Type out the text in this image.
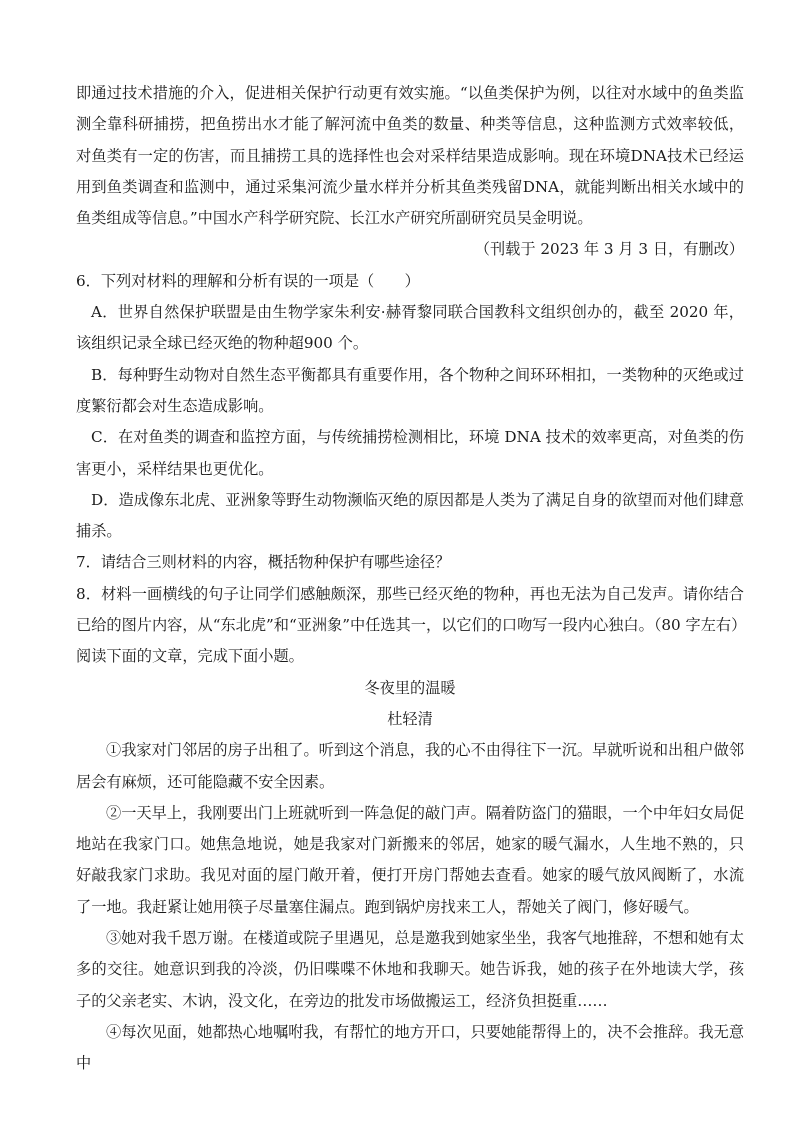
即通过技术措施的介入，促进相关保护行动更有效实施。“以鱼类保护为例，以往对水域中的鱼类监测全靠科研捕捞，把鱼捞出水才能了解河流中鱼类的数量、种类等信息，这种监测方式效率较低，对鱼类有一定的伤害，而且捕捞工具的选择性也会对采样结果造成影响。现在环境DNA技术已经运用到鱼类调查和监测中，通过采集河流少量水样并分析其鱼类残留DNA，就能判断出相关水域中的鱼类组成等信息。”中国水产科学研究院、长江水产研究所副研究员吴金明说。

（刊载于 2023 年 3 月 3 日，有删改）

6．下列对材料的理解和分析有误的一项是（　　）

A．世界自然保护联盟是由生物学家朱利安·赫胥黎同联合国教科文组织创办的，截至 2020 年，该组织记录全球已经灭绝的物种超900 个。

B．每种野生动物对自然生态平衡都具有重要作用，各个物种之间环环相扣，一类物种的灭绝或过度繁衍都会对生态造成影响。

C．在对鱼类的调查和监控方面，与传统捕捞检测相比，环境 DNA 技术的效率更高，对鱼类的伤害更小，采样结果也更优化。

D．造成像东北虎、亚洲象等野生动物濒临灭绝的原因都是人类为了满足自身的欲望而对他们肆意捕杀。

7．请结合三则材料的内容，概括物种保护有哪些途径？

8．材料一画横线的句子让同学们感触颇深，那些已经灭绝的物种，再也无法为自己发声。请你结合已给的图片内容，从“东北虎”和“亚洲象”中任选其一，以它们的口吻写一段内心独白。（80 字左右）

阅读下面的文章，完成下面小题。

冬夜里的温暖

杜轻清

①我家对门邻居的房子出租了。听到这个消息，我的心不由得往下一沉。早就听说和出租户做邻居会有麻烦，还可能隐藏不安全因素。

②一天早上，我刚要出门上班就听到一阵急促的敲门声。隔着防盗门的猫眼，一个中年妇女局促地站在我家门口。她焦急地说，她是我家对门新搬来的邻居，她家的暖气漏水，人生地不熟的，只好敲我家门求助。我见对面的屋门敞开着，便打开房门帮她去查看。她家的暖气放风阀断了，水流了一地。我赶紧让她用筷子尽量塞住漏点。跑到锅炉房找来工人，帮她关了阀门，修好暖气。

③她对我千恩万谢。在楼道或院子里遇见，总是邀我到她家坐坐，我客气地推辞，不想和她有太多的交往。她意识到我的冷淡，仍旧喋喋不休地和我聊天。她告诉我，她的孩子在外地读大学，孩子的父亲老实、木讷，没文化，在旁边的批发市场做搬运工，经济负担挺重……

④每次见面，她都热心地嘱咐我，有帮忙的地方开口，只要她能帮得上的，决不会推辞。我无意中
